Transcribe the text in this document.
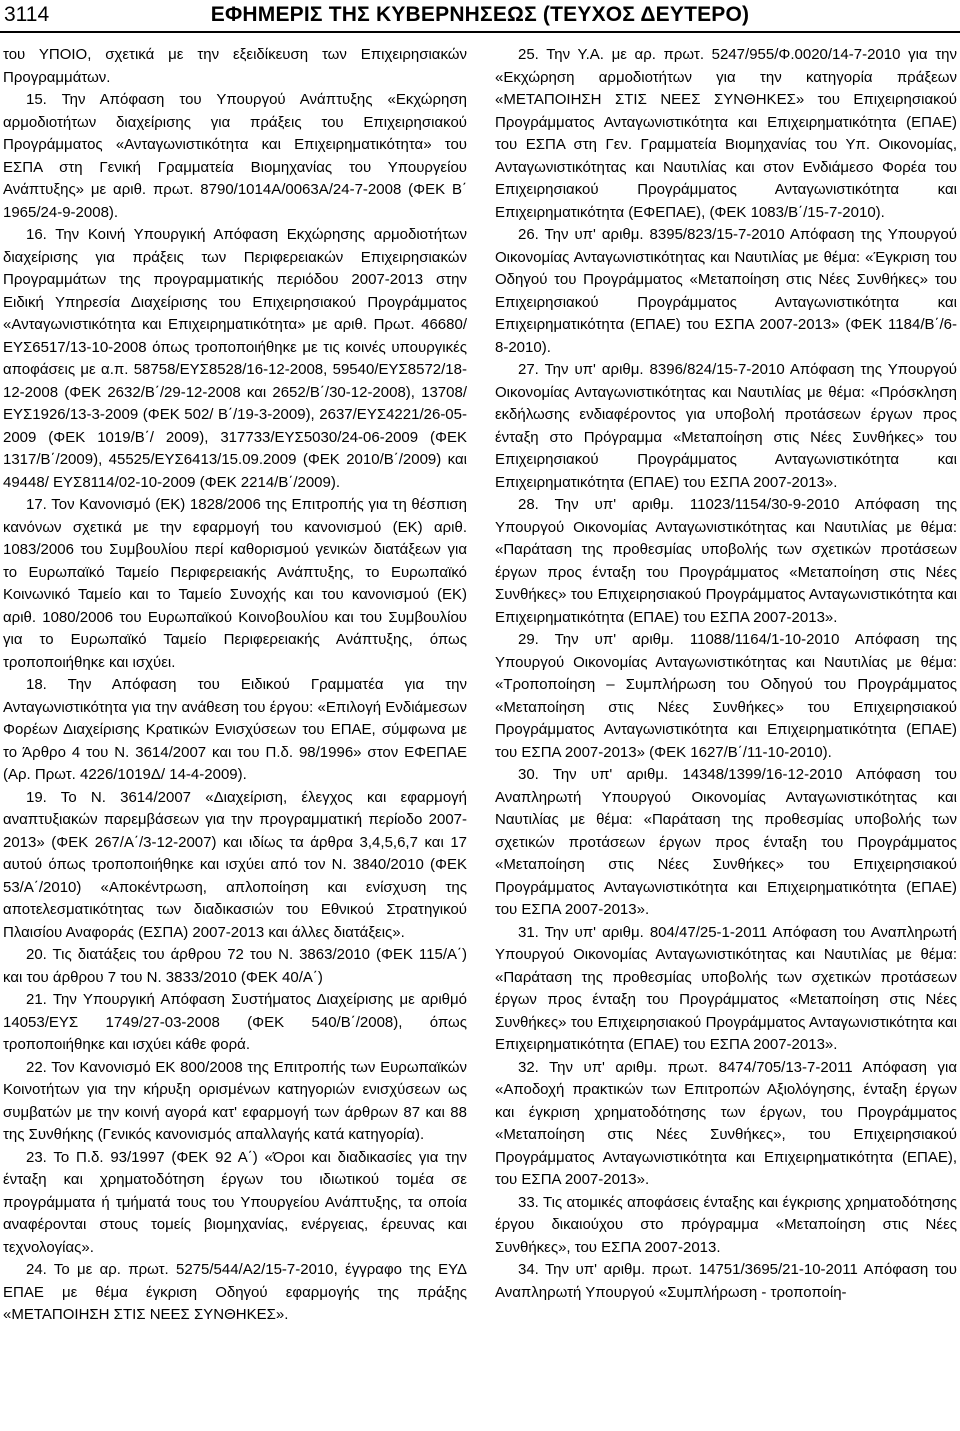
3114	ΕΦΗΜΕΡΙΣ ΤΗΣ ΚΥΒΕΡΝΗΣΕΩΣ (ΤΕΥΧΟΣ ΔΕΥΤΕΡΟ)

του ΥΠΟΙΟ, σχετικά με την εξειδίκευση των Επιχειρησιακών Προγραμμάτων.

15. Την Απόφαση του Υπουργού Ανάπτυξης «Εκχώρηση αρμοδιοτήτων διαχείρισης για πράξεις του Επιχειρησιακού Προγράμματος «Ανταγωνιστικότητα και Επιχειρηματικότητα» του ΕΣΠΑ στη Γενική Γραμματεία Βιομηχανίας του Υπουργείου Ανάπτυξης» με αριθ. πρωτ. 8790/1014Α/0063Α/24-7-2008 (ΦΕΚ Β΄ 1965/24-9-2008).

16. Την Κοινή Υπουργική Απόφαση Εκχώρησης αρμοδιοτήτων διαχείρισης για πράξεις των Περιφερειακών Επιχειρησιακών Προγραμμάτων της προγραμματικής περιόδου 2007-2013 στην Ειδική Υπηρεσία Διαχείρισης του Επιχειρησιακού Προγράμματος «Ανταγωνιστικότητα και Επιχειρηματικότητα» με αριθ. Πρωτ. 46680/ ΕΥΣ6517/13-10-2008 όπως τροποποιήθηκε με τις κοινές υπουργικές αποφάσεις με α.π. 58758/ΕΥΣ8528/16-12-2008, 59540/ΕΥΣ8572/18-12-2008 (ΦΕΚ 2632/Β΄/29-12-2008 και 2652/Β΄/30-12-2008), 13708/ΕΥΣ1926/13-3-2009 (ΦΕΚ 502/ Β΄/19-3-2009), 2637/ΕΥΣ4221/26-05-2009 (ΦΕΚ 1019/Β΄/ 2009), 317733/ΕΥΣ5030/24-06-2009 (ΦΕΚ 1317/Β΄/2009), 45525/ΕΥΣ6413/15.09.2009 (ΦΕΚ 2010/Β΄/2009) και 49448/ ΕΥΣ8114/02-10-2009 (ΦΕΚ 2214/Β΄/2009).

17. Τον Κανονισμό (ΕΚ) 1828/2006 της Επιτροπής για τη θέσπιση κανόνων σχετικά με την εφαρμογή του κανονισμού (ΕΚ) αριθ. 1083/2006 του Συμβουλίου περί καθορισμού γενικών διατάξεων για το Ευρωπαϊκό Ταμείο Περιφερειακής Ανάπτυξης, το Ευρωπαϊκό Κοινωνικό Ταμείο και το Ταμείο Συνοχής και του κανονισμού (ΕΚ) αριθ. 1080/2006 του Ευρωπαϊκού Κοινοβουλίου και του Συμβουλίου για το Ευρωπαϊκό Ταμείο Περιφερειακής Ανάπτυξης, όπως τροποποιήθηκε και ισχύει.

18. Την Απόφαση του Ειδικού Γραμματέα για την Ανταγωνιστικότητα για την ανάθεση του έργου: «Επιλογή Ενδιάμεσων Φορέων Διαχείρισης Κρατικών Ενισχύσεων του ΕΠΑΕ, σύμφωνα με το Άρθρο 4 του Ν. 3614/2007 και του Π.δ. 98/1996» στον ΕΦΕΠΑΕ (Αρ. Πρωτ. 4226/1019Δ/ 14-4-2009).

19. Το Ν. 3614/2007 «Διαχείριση, έλεγχος και εφαρμογή αναπτυξιακών παρεμβάσεων για την προγραμματική περίοδο 2007-2013» (ΦΕΚ 267/Α΄/3-12-2007) και ιδίως τα άρθρα 3,4,5,6,7 και 17 αυτού όπως τροποποιήθηκε και ισχύει από τον Ν. 3840/2010 (ΦΕΚ 53/Α΄/2010) «Αποκέντρωση, απλοποίηση και ενίσχυση της αποτελεσματικότητας των διαδικασιών του Εθνικού Στρατηγικού Πλαισίου Αναφοράς (ΕΣΠΑ) 2007-2013 και άλλες διατάξεις».

20. Τις διατάξεις του άρθρου 72 του Ν. 3863/2010 (ΦΕΚ 115/Α΄) και του άρθρου 7 του Ν. 3833/2010 (ΦΕΚ 40/Α΄)

21. Την Υπουργική Απόφαση Συστήματος Διαχείρισης με αριθμό 14053/ΕΥΣ 1749/27-03-2008 (ΦΕΚ 540/Β΄/2008), όπως τροποποιήθηκε και ισχύει κάθε φορά.

22. Τον Κανονισμό ΕΚ 800/2008 της Επιτροπής των Ευρωπαϊκών Κοινοτήτων για την κήρυξη ορισμένων κατηγοριών ενισχύσεων ως συμβατών με την κοινή αγορά κατ' εφαρμογή των άρθρων 87 και 88 της Συνθήκης (Γενικός κανονισμός απαλλαγής κατά κατηγορία).

23. Το Π.δ. 93/1997 (ΦΕΚ 92 Α΄) «Όροι και διαδικασίες για την ένταξη και χρηματοδότηση έργων του ιδιωτικού τομέα σε προγράμματα ή τμήματά τους του Υπουργείου Ανάπτυξης, τα οποία αναφέρονται στους τομείς βιομηχανίας, ενέργειας, έρευνας και τεχνολογίας».

24. Το με αρ. πρωτ. 5275/544/Α2/15-7-2010, έγγραφο της ΕΥΔ ΕΠΑΕ με θέμα έγκριση Οδηγού εφαρμογής της πράξης «ΜΕΤΑΠΟΙΗΣΗ ΣΤΙΣ ΝΕΕΣ ΣΥΝΘΗΚΕΣ».

25. Την Υ.Α. με αρ. πρωτ. 5247/955/Φ.0020/14-7-2010 για την «Εκχώρηση αρμοδιοτήτων για την κατηγορία πράξεων «ΜΕΤΑΠΟΙΗΣΗ ΣΤΙΣ ΝΕΕΣ ΣΥΝΘΗΚΕΣ» του Επιχειρησιακού Προγράμματος Ανταγωνιστικότητα και Επιχειρηματικότητα (ΕΠΑΕ) του ΕΣΠΑ στη Γεν. Γραμματεία Βιομηχανίας του Υπ. Οικονομίας, Ανταγωνιστικότητας και Ναυτιλίας και στον Ενδιάμεσο Φορέα του Επιχειρησιακού Προγράμματος Ανταγωνιστικότητα και Επιχειρηματικότητα (ΕΦΕΠΑΕ), (ΦΕΚ 1083/Β΄/15-7-2010).

26. Την υπ' αριθμ. 8395/823/15-7-2010 Απόφαση της Υπουργού Οικονομίας Ανταγωνιστικότητας και Ναυτιλίας με θέμα: «Έγκριση του Οδηγού του Προγράμματος «Μεταποίηση στις Νέες Συνθήκες» του Επιχειρησιακού Προγράμματος Ανταγωνιστικότητα και Επιχειρηματικότητα (ΕΠΑΕ) του ΕΣΠΑ 2007-2013» (ΦΕΚ 1184/Β΄/6-8-2010).

27. Την υπ' αριθμ. 8396/824/15-7-2010 Απόφαση της Υπουργού Οικονομίας Ανταγωνιστικότητας και Ναυτιλίας με θέμα: «Πρόσκληση εκδήλωσης ενδιαφέροντος για υποβολή προτάσεων έργων προς ένταξη στο Πρόγραμμα «Μεταποίηση στις Νέες Συνθήκες» του Επιχειρησιακού Προγράμματος Ανταγωνιστικότητα και Επιχειρηματικότητα (ΕΠΑΕ) του ΕΣΠΑ 2007-2013».

28. Την υπ' αριθμ. 11023/1154/30-9-2010 Απόφαση της Υπουργού Οικονομίας Ανταγωνιστικότητας και Ναυτιλίας με θέμα: «Παράταση της προθεσμίας υποβολής των σχετικών προτάσεων έργων προς ένταξη του Προγράμματος «Μεταποίηση στις Νέες Συνθήκες» του Επιχειρησιακού Προγράμματος Ανταγωνιστικότητα και Επιχειρηματικότητα (ΕΠΑΕ) του ΕΣΠΑ 2007-2013».

29. Την υπ' αριθμ. 11088/1164/1-10-2010 Απόφαση της Υπουργού Οικονομίας Ανταγωνιστικότητας και Ναυτιλίας με θέμα: «Τροποποίηση – Συμπλήρωση του Οδηγού του Προγράμματος «Μεταποίηση στις Νέες Συνθήκες» του Επιχειρησιακού Προγράμματος Ανταγωνιστικότητα και Επιχειρηματικότητα (ΕΠΑΕ) του ΕΣΠΑ 2007-2013» (ΦΕΚ 1627/Β΄/11-10-2010).

30. Την υπ' αριθμ. 14348/1399/16-12-2010 Απόφαση του Αναπληρωτή Υπουργού Οικονομίας Ανταγωνιστικότητας και Ναυτιλίας με θέμα: «Παράταση της προθεσμίας υποβολής των σχετικών προτάσεων έργων προς ένταξη του Προγράμματος «Μεταποίηση στις Νέες Συνθήκες» του Επιχειρησιακού Προγράμματος Ανταγωνιστικότητα και Επιχειρηματικότητα (ΕΠΑΕ) του ΕΣΠΑ 2007-2013».

31. Την υπ' αριθμ. 804/47/25-1-2011 Απόφαση του Αναπληρωτή Υπουργού Οικονομίας Ανταγωνιστικότητας και Ναυτιλίας με θέμα: «Παράταση της προθεσμίας υποβολής των σχετικών προτάσεων έργων προς ένταξη του Προγράμματος «Μεταποίηση στις Νέες Συνθήκες» του Επιχειρησιακού Προγράμματος Ανταγωνιστικότητα και Επιχειρηματικότητα (ΕΠΑΕ) του ΕΣΠΑ 2007-2013».

32. Την υπ' αριθμ. πρωτ. 8474/705/13-7-2011 Απόφαση για «Αποδοχή πρακτικών των Επιτροπών Αξιολόγησης, ένταξη έργων και έγκριση χρηματοδότησης των έργων, του Προγράμματος «Μεταποίηση στις Νέες Συνθήκες», του Επιχειρησιακού Προγράμματος Ανταγωνιστικότητα και Επιχειρηματικότητα (ΕΠΑΕ), του ΕΣΠΑ 2007-2013».

33. Τις ατομικές αποφάσεις ένταξης και έγκρισης χρηματοδότησης έργου δικαιούχου στο πρόγραμμα «Μεταποίηση στις Νέες Συνθήκες», του ΕΣΠΑ 2007-2013.

34. Την υπ' αριθμ. πρωτ. 14751/3695/21-10-2011 Απόφαση του Αναπληρωτή Υπουργού «Συμπλήρωση - τροποποίη-
